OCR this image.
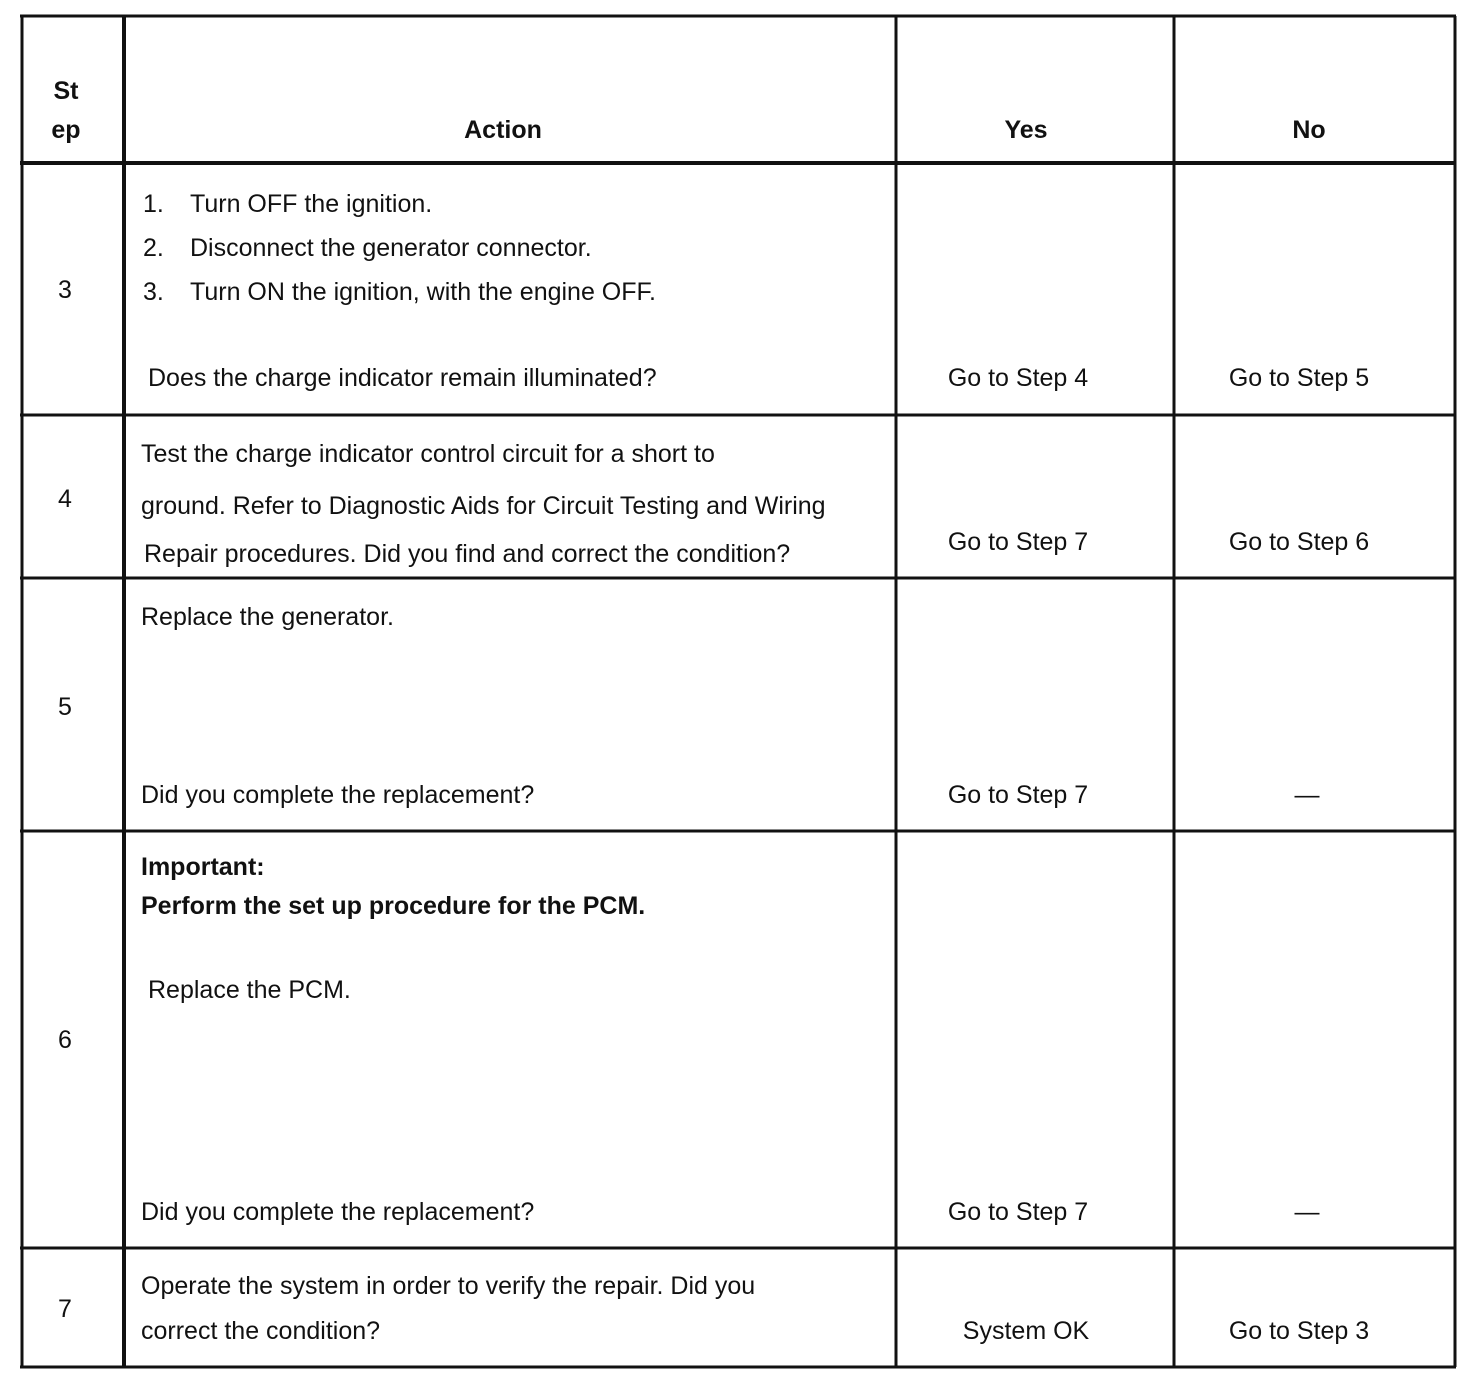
St
ep	Action	Yes	No
3
1. Turn OFF the ignition.
2. Disconnect the generator connector.
3. Turn ON the ignition, with the engine OFF.
Does the charge indicator remain illuminated?	Go to Step 4	Go to Step 5
4
Test the charge indicator control circuit for a short to
ground. Refer to Diagnostic Aids for Circuit Testing and Wiring
Repair procedures. Did you find and correct the condition?	Go to Step 7	Go to Step 6
5
Replace the generator.
Did you complete the replacement?	Go to Step 7	—
6
Important:
Perform the set up procedure for the PCM.
Replace the PCM.
Did you complete the replacement?	Go to Step 7	—
7
Operate the system in order to verify the repair. Did you
correct the condition?	System OK	Go to Step 3
